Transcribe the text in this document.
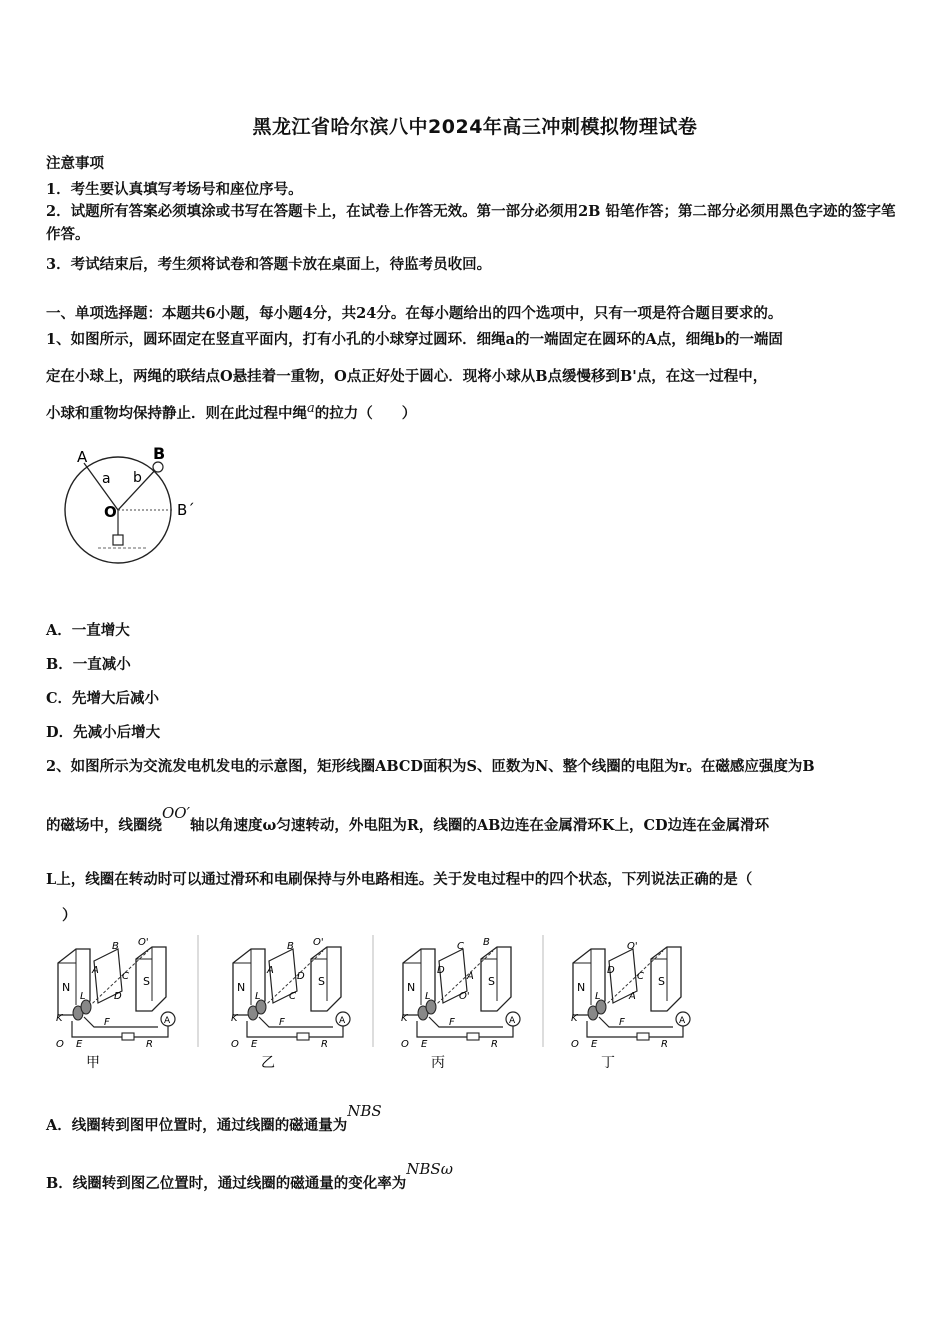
黑龙江省哈尔滨八中2024年高三冲刺模拟物理试卷
注意事项
1．考生要认真填写考场号和座位序号。
2．试题所有答案必须填涂或书写在答题卡上，在试卷上作答无效。第一部分必须用2B 铅笔作答；第二部分必须用黑色字迹的签字笔作答。
3．考试结束后，考生须将试卷和答题卡放在桌面上，待监考员收回。
一、单项选择题：本题共6小题，每小题4分，共24分。在每小题给出的四个选项中，只有一项是符合题目要求的。
1、如图所示，圆环固定在竖直平面内，打有小孔的小球穿过圆环．细绳a的一端固定在圆环的A点，细绳b的一端固
定在小球上，两绳的联结点O悬挂着一重物，O点正好处于圆心．现将小球从B点缓慢移到B'点，在这一过程中，
小球和重物均保持静止．则在此过程中绳$^a$的拉力（　　）
A	B
B´
a b
O
A．一直增大
B．一直减小
C．先增大后减小
D．先减小后增大
2、如图所示为交流发电机发电的示意图，矩形线圈ABCD面积为S、匝数为N、整个线圈的电阻为r。在磁感应强度为B
的磁场中，线圈绕$^{OO'}$轴以角速度ω匀速转动，外电阻为R，线圈的AB边连在金属滑环K上，CD边连在金属滑环
L上，线圈在转动时可以通过滑环和电刷保持与外电路相连。关于发电过程中的四个状态，下列说法正确的是（
）
N	S
B O'
A
C
D
K
L
E
F
O	R
A
甲
N	S
B O'
A
D
C
K
L
E
F
O	R
A
乙
N	S
C B
D
A
O'
K
L
E
F
O	R
A
丙
N	S
O'
D
C
A
K
L
E
F
O	R
A
丁
A．线圈转到图甲位置时，通过线圈的磁通量为$^{NBS}$
B．线圈转到图乙位置时，通过线圈的磁通量的变化率为$^{NBS\omega}$
